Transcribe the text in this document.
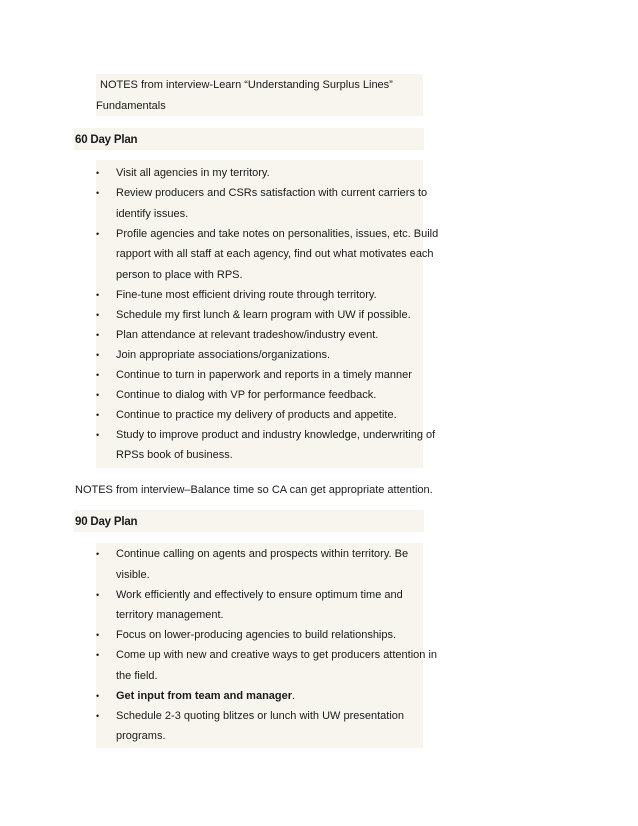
NOTES from interview-Learn “Understanding Surplus Lines”
Fundamentals
60 Day Plan
• Visit all agencies in my territory.
• Review producers and CSRs satisfaction with current carriers to
identify issues.
• Profile agencies and take notes on personalities, issues, etc. Build
rapport with all staff at each agency, find out what motivates each
person to place with RPS.
• Fine-tune most efficient driving route through territory.
• Schedule my first lunch & learn program with UW if possible.
• Plan attendance at relevant tradeshow/industry event.
• Join appropriate associations/organizations.
• Continue to turn in paperwork and reports in a timely manner
• Continue to dialog with VP for performance feedback.
• Continue to practice my delivery of products and appetite.
• Study to improve product and industry knowledge, underwriting of
RPSs book of business.
NOTES from interview–Balance time so CA can get appropriate attention.
90 Day Plan
• Continue calling on agents and prospects within territory. Be
visible.
• Work efficiently and effectively to ensure optimum time and
territory management.
• Focus on lower-producing agencies to build relationships.
• Come up with new and creative ways to get producers attention in
the field.
• Get input from team and manager.
• Schedule 2-3 quoting blitzes or lunch with UW presentation
programs.
